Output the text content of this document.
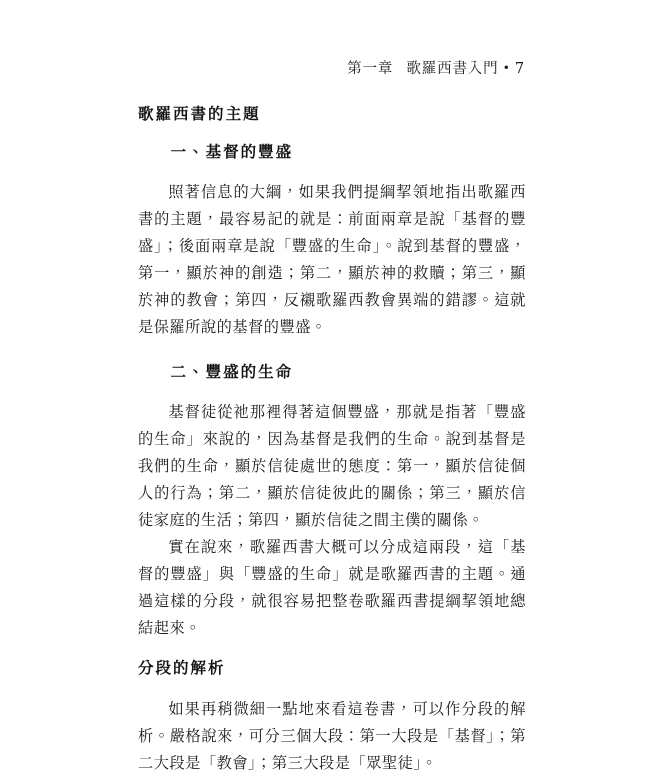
第一章 歌羅西書入門 • 7
歌羅西書的主題
一、基督的豐盛

照著信息的大綱，如果我們提綱挈領地指出歌羅西書的主題，最容易記的就是：前面兩章是說「基督的豐盛」；後面兩章是說「豐盛的生命」。說到基督的豐盛，第一，顯於神的創造；第二，顯於神的救贖；第三，顯於神的教會；第四，反襯歌羅西教會異端的錯謬。這就是保羅所說的基督的豐盛。

二、豐盛的生命

基督徒從祂那裡得著這個豐盛，那就是指著「豐盛的生命」來說的，因為基督是我們的生命。說到基督是我們的生命，顯於信徒處世的態度：第一，顯於信徒個人的行為；第二，顯於信徒彼此的關係；第三，顯於信徒家庭的生活；第四，顯於信徒之間主僕的關係。

實在說來，歌羅西書大概可以分成這兩段，這「基督的豐盛」與「豐盛的生命」就是歌羅西書的主題。通過這樣的分段，就很容易把整卷歌羅西書提綱挈領地總結起來。

分段的解析

如果再稍微細一點地來看這卷書，可以作分段的解析。嚴格說來，可分三個大段：第一大段是「基督」；第二大段是「教會」；第三大段是「眾聖徒」。
